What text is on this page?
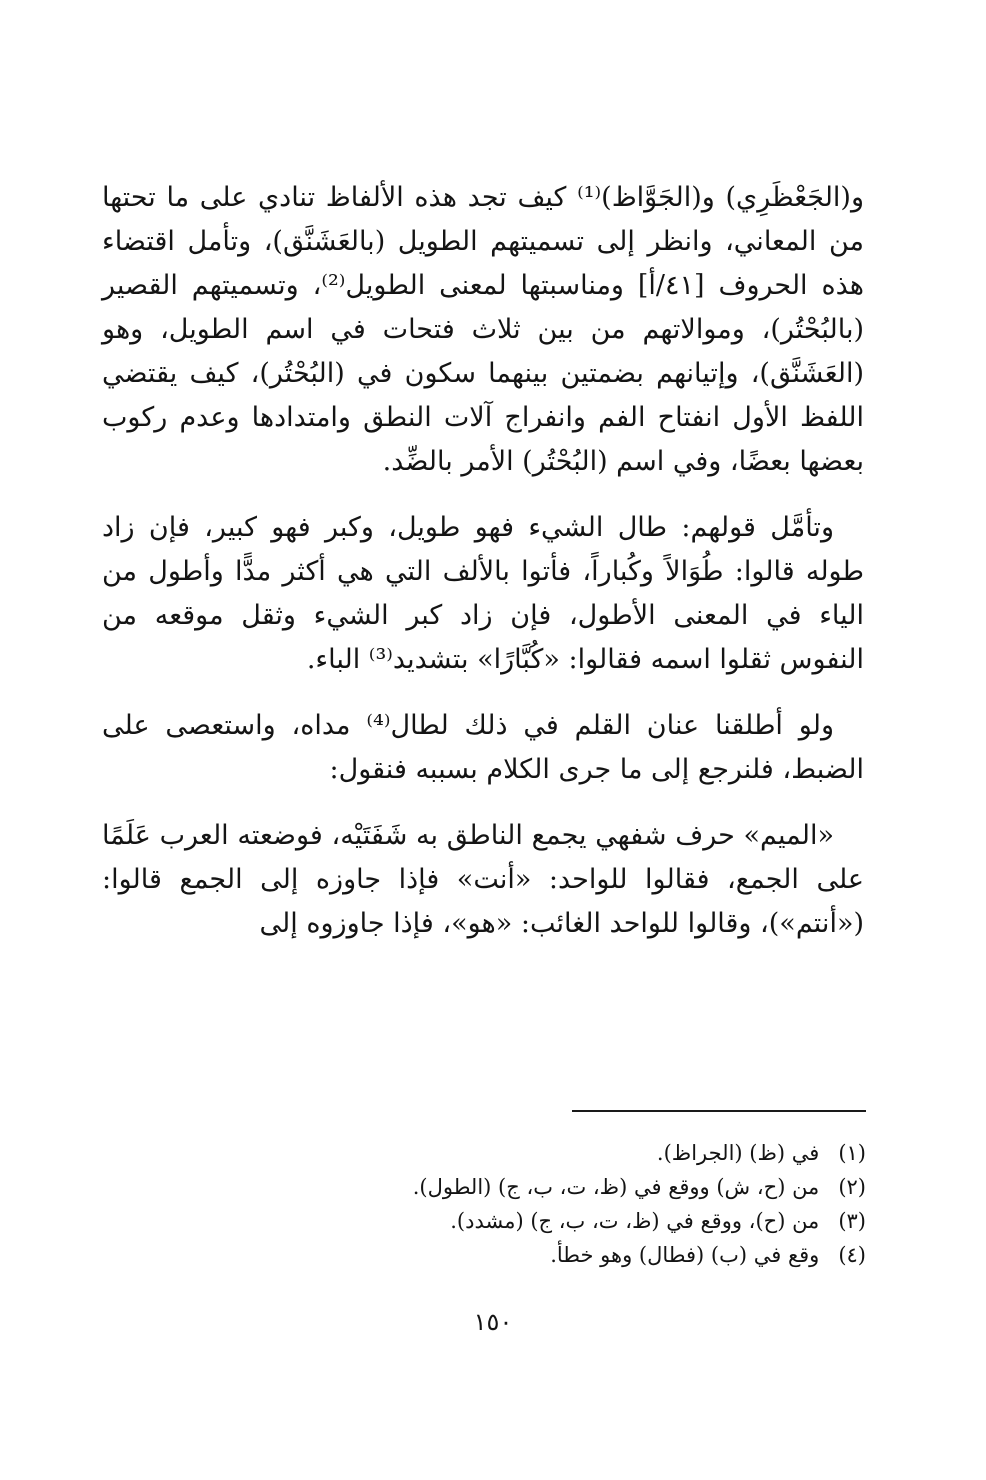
و(الجَعْظَرِي) و(الجَوَّاظ)⁽¹⁾ كيف تجد هذه الألفاظ تنادي على ما تحتها من المعاني، وانظر إلى تسميتهم الطويل (بالعَشَنَّق)، وتأمل اقتضاء هذه الحروف [٤١/أ] ومناسبتها لمعنى الطويل⁽²⁾، وتسميتهم القصير (بالبُحْتُر)، وموالاتهم من بين ثلاث فتحات في اسم الطويل، وهو (العَشَنَّق)، وإتيانهم بضمتين بينهما سكون في (البُحْتُر)، كيف يقتضي اللفظ الأول انفتاح الفم وانفراج آلات النطق وامتدادها وعدم ركوب بعضها بعضًا، وفي اسم (البُحْتُر) الأمر بالضِّد.

وتأمَّل قولهم: طال الشيء فهو طويل، وكبر فهو كبير، فإن زاد طوله قالوا: طُوَالاً وكُباراً، فأتوا بالألف التي هي أكثر مدًّا وأطول من الياء في المعنى الأطول، فإن زاد كبر الشيء وثقل موقعه من النفوس ثقلوا اسمه فقالوا: «كُبَّارًا» بتشديد⁽³⁾ الباء.

ولو أطلقنا عنان القلم في ذلك لطال⁽⁴⁾ مداه، واستعصى على الضبط، فلنرجع إلى ما جرى الكلام بسببه فنقول:

«الميم» حرف شفهي يجمع الناطق به شَفَتَيْه، فوضعته العرب عَلَمًا على الجمع، فقالوا للواحد: «أنت» فإذا جاوزه إلى الجمع قالوا: («أنتم»)، وقالوا للواحد الغائب: «هو»، فإذا جاوزوه إلى

(١) في (ظ) (الجراظ).

(٢) من (ح، ش) ووقع في (ظ، ت، ب، ج) (الطول).

(٣) من (ح)، ووقع في (ظ، ت، ب، ج) (مشدد).

(٤) وقع في (ب) (فطال) وهو خطأ.

١٥٠
